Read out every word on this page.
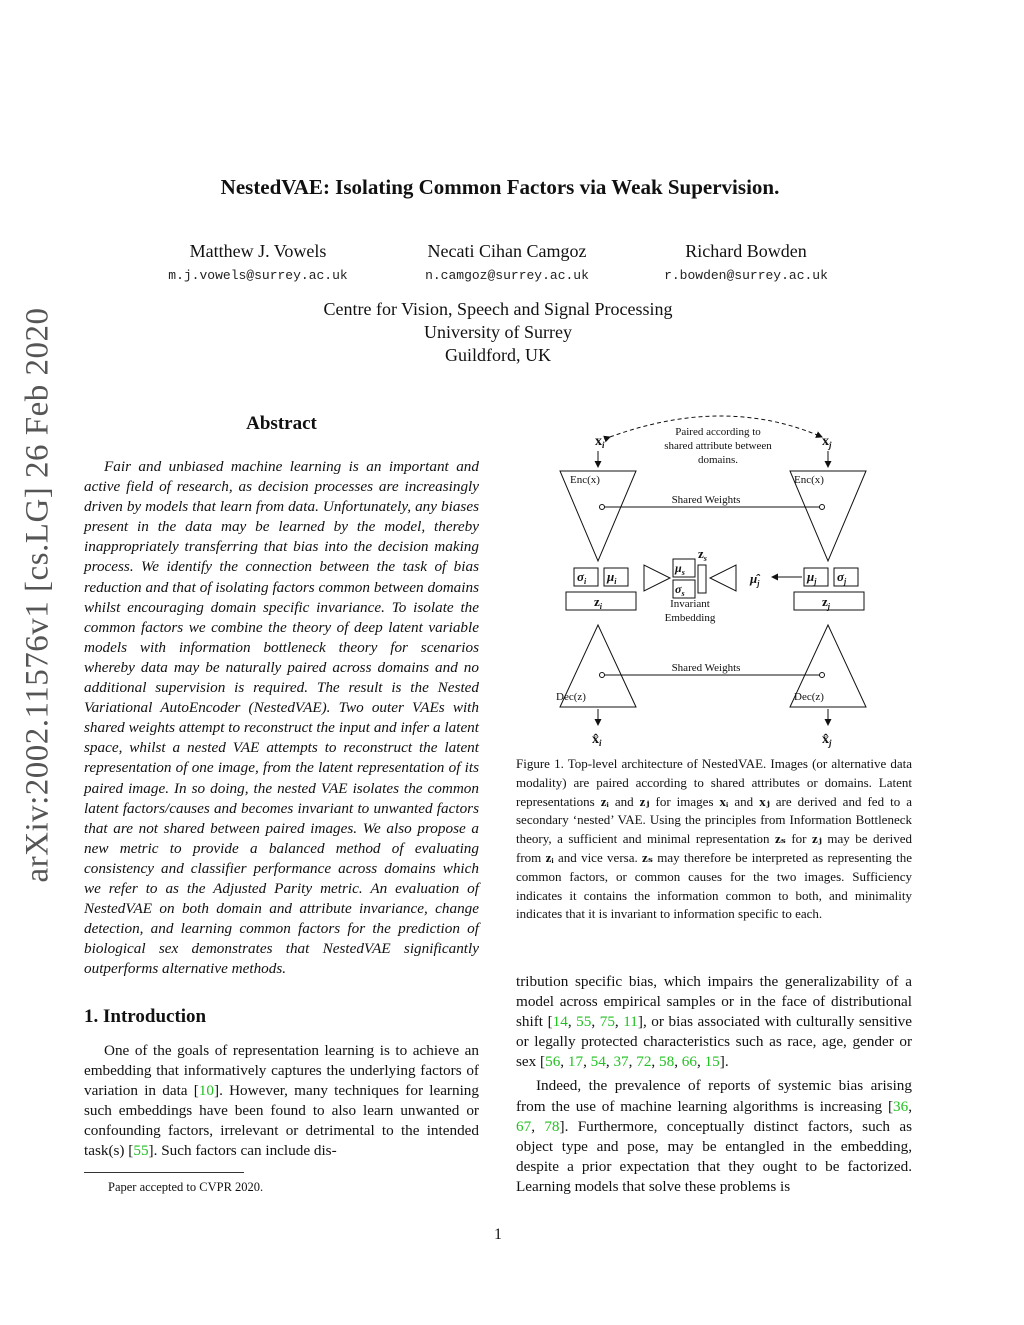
arXiv:2002.11576v1 [cs.LG] 26 Feb 2020
NestedVAE: Isolating Common Factors via Weak Supervision.
Matthew J. Vowels
m.j.vowels@surrey.ac.uk
Necati Cihan Camgoz
n.camgoz@surrey.ac.uk
Richard Bowden
r.bowden@surrey.ac.uk
Centre for Vision, Speech and Signal Processing
University of Surrey
Guildford, UK
Abstract
Fair and unbiased machine learning is an important and active field of research, as decision processes are increasingly driven by models that learn from data. Unfortunately, any biases present in the data may be learned by the model, thereby inappropriately transferring that bias into the decision making process. We identify the connection between the task of bias reduction and that of isolating factors common between domains whilst encouraging domain specific invariance. To isolate the common factors we combine the theory of deep latent variable models with information bottleneck theory for scenarios whereby data may be naturally paired across domains and no additional supervision is required. The result is the Nested Variational AutoEncoder (NestedVAE). Two outer VAEs with shared weights attempt to reconstruct the input and infer a latent space, whilst a nested VAE attempts to reconstruct the latent representation of one image, from the latent representation of its paired image. In so doing, the nested VAE isolates the common latent factors/causes and becomes invariant to unwanted factors that are not shared between paired images. We also propose a new metric to provide a balanced method of evaluating consistency and classifier performance across domains which we refer to as the Adjusted Parity metric. An evaluation of NestedVAE on both domain and attribute invariance, change detection, and learning common factors for the prediction of biological sex demonstrates that NestedVAE significantly outperforms alternative methods.
1. Introduction
One of the goals of representation learning is to achieve an embedding that informatively captures the underlying factors of variation in data [10]. However, many techniques for learning such embeddings have been found to also learn unwanted or confounding factors, irrelevant or detrimental to the intended task(s) [55]. Such factors can include dis-
Paper accepted to CVPR 2020.
Paired according to
shared attribute between
domains.
$x_i$	$x_j$
Enc(x)	Enc(x)
Shared Weights
$\sigma_i$ $\mu_i$
$z_i$
$\mu_s$
$\sigma_s$
$z_s$
$\mû_j$
Invariant
Embedding
$\mu_j$ $\sigma_j$
$z_j$
Shared Weights
Dec(z)	Dec(z)
$x̂_i$	$x̂_j$
Figure 1. Top-level architecture of NestedVAE. Images (or alternative data modality) are paired according to shared attributes or domains. Latent representations zᵢ and zⱼ for images xᵢ and xⱼ are derived and fed to a secondary ‘nested’ VAE. Using the principles from Information Bottleneck theory, a sufficient and minimal representation zₛ for zⱼ may be derived from zᵢ and vice versa. zₛ may therefore be interpreted as representing the common factors, or common causes for the two images. Sufficiency indicates it contains the information common to both, and minimality indicates that it is invariant to information specific to each.

tribution specific bias, which impairs the generalizability of a model across empirical samples or in the face of distributional shift [14, 55, 75, 11], or bias associated with culturally sensitive or legally protected characteristics such as race, age, gender or sex [56, 17, 54, 37, 72, 58, 66, 15].

Indeed, the prevalence of reports of systemic bias arising from the use of machine learning algorithms is increasing [36, 67, 78]. Furthermore, conceptually distinct factors, such as object type and pose, may be entangled in the embedding, despite a prior expectation that they ought to be factorized. Learning models that solve these problems is

1
